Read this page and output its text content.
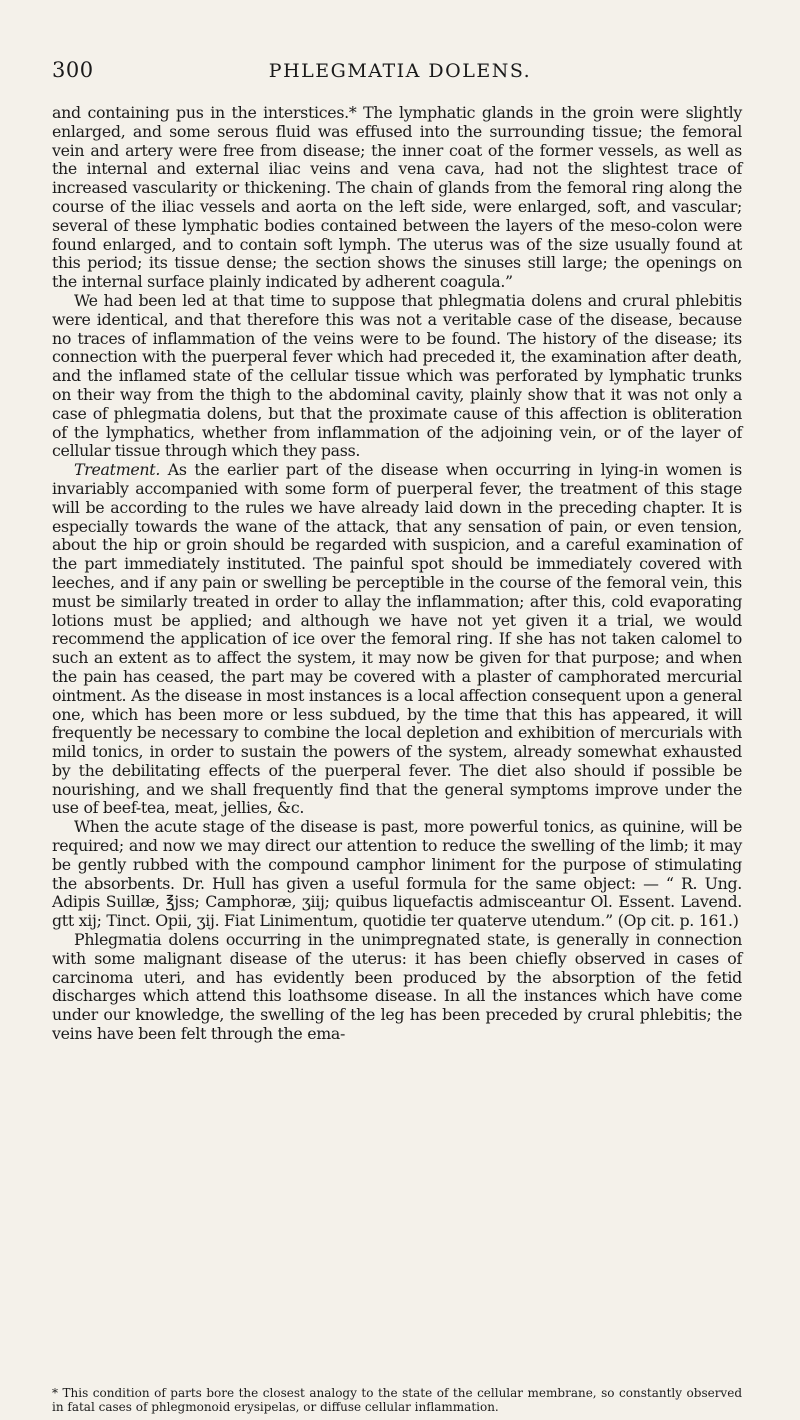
300	PHLEGMATIA DOLENS.

and containing pus in the interstices.* The lymphatic glands in the groin were slightly enlarged, and some serous fluid was effused into the surrounding tissue; the femoral vein and artery were free from disease; the inner coat of the former vessels, as well as the internal and external iliac veins and vena cava, had not the slightest trace of increased vascularity or thickening. The chain of glands from the femoral ring along the course of the iliac vessels and aorta on the left side, were enlarged, soft, and vascular; several of these lymphatic bodies contained between the layers of the meso-colon were found enlarged, and to contain soft lymph. The uterus was of the size usually found at this period; its tissue dense; the section shows the sinuses still large; the openings on the internal surface plainly indicated by adherent coagula.”

We had been led at that time to suppose that phlegmatia dolens and crural phlebitis were identical, and that therefore this was not a veritable case of the disease, because no traces of inflammation of the veins were to be found. The history of the disease; its connection with the puerperal fever which had preceded it, the examination after death, and the inflamed state of the cellular tissue which was perforated by lymphatic trunks on their way from the thigh to the abdominal cavity, plainly show that it was not only a case of phlegmatia dolens, but that the proximate cause of this affection is obliteration of the lymphatics, whether from inflammation of the adjoining vein, or of the layer of cellular tissue through which they pass.

Treatment. As the earlier part of the disease when occurring in lying-in women is invariably accompanied with some form of puerperal fever, the treatment of this stage will be according to the rules we have already laid down in the preceding chapter. It is especially towards the wane of the attack, that any sensation of pain, or even tension, about the hip or groin should be regarded with suspicion, and a careful examination of the part immediately instituted. The painful spot should be immediately covered with leeches, and if any pain or swelling be perceptible in the course of the femoral vein, this must be similarly treated in order to allay the inflammation; after this, cold evaporating lotions must be applied; and although we have not yet given it a trial, we would recommend the application of ice over the femoral ring. If she has not taken calomel to such an extent as to affect the system, it may now be given for that purpose; and when the pain has ceased, the part may be covered with a plaster of camphorated mercurial ointment. As the disease in most instances is a local affection consequent upon a general one, which has been more or less subdued, by the time that this has appeared, it will frequently be necessary to combine the local depletion and exhibition of mercurials with mild tonics, in order to sustain the powers of the system, already somewhat exhausted by the debilitating effects of the puerperal fever. The diet also should if possible be nourishing, and we shall frequently find that the general symptoms improve under the use of beef-tea, meat, jellies, &c.

When the acute stage of the disease is past, more powerful tonics, as quinine, will be required; and now we may direct our attention to reduce the swelling of the limb; it may be gently rubbed with the compound camphor liniment for the purpose of stimulating the absorbents. Dr. Hull has given a useful formula for the same object: — “ R. Ung. Adipis Suillæ, ℥jss; Camphoræ, ʒiij; quibus liquefactis admisceantur Ol. Essent. Lavend. gtt xij; Tinct. Opii, ʒij. Fiat Linimentum, quotidie ter quaterve utendum.” (Op cit. p. 161.)

Phlegmatia dolens occurring in the unimpregnated state, is generally in connection with some malignant disease of the uterus: it has been chiefly observed in cases of carcinoma uteri, and has evidently been produced by the absorption of the fetid discharges which attend this loathsome disease. In all the instances which have come under our knowledge, the swelling of the leg has been preceded by crural phlebitis; the veins have been felt through the ema-

* This condition of parts bore the closest analogy to the state of the cellular membrane, so constantly observed in fatal cases of phlegmonoid erysipelas, or diffuse cellular inflammation.
